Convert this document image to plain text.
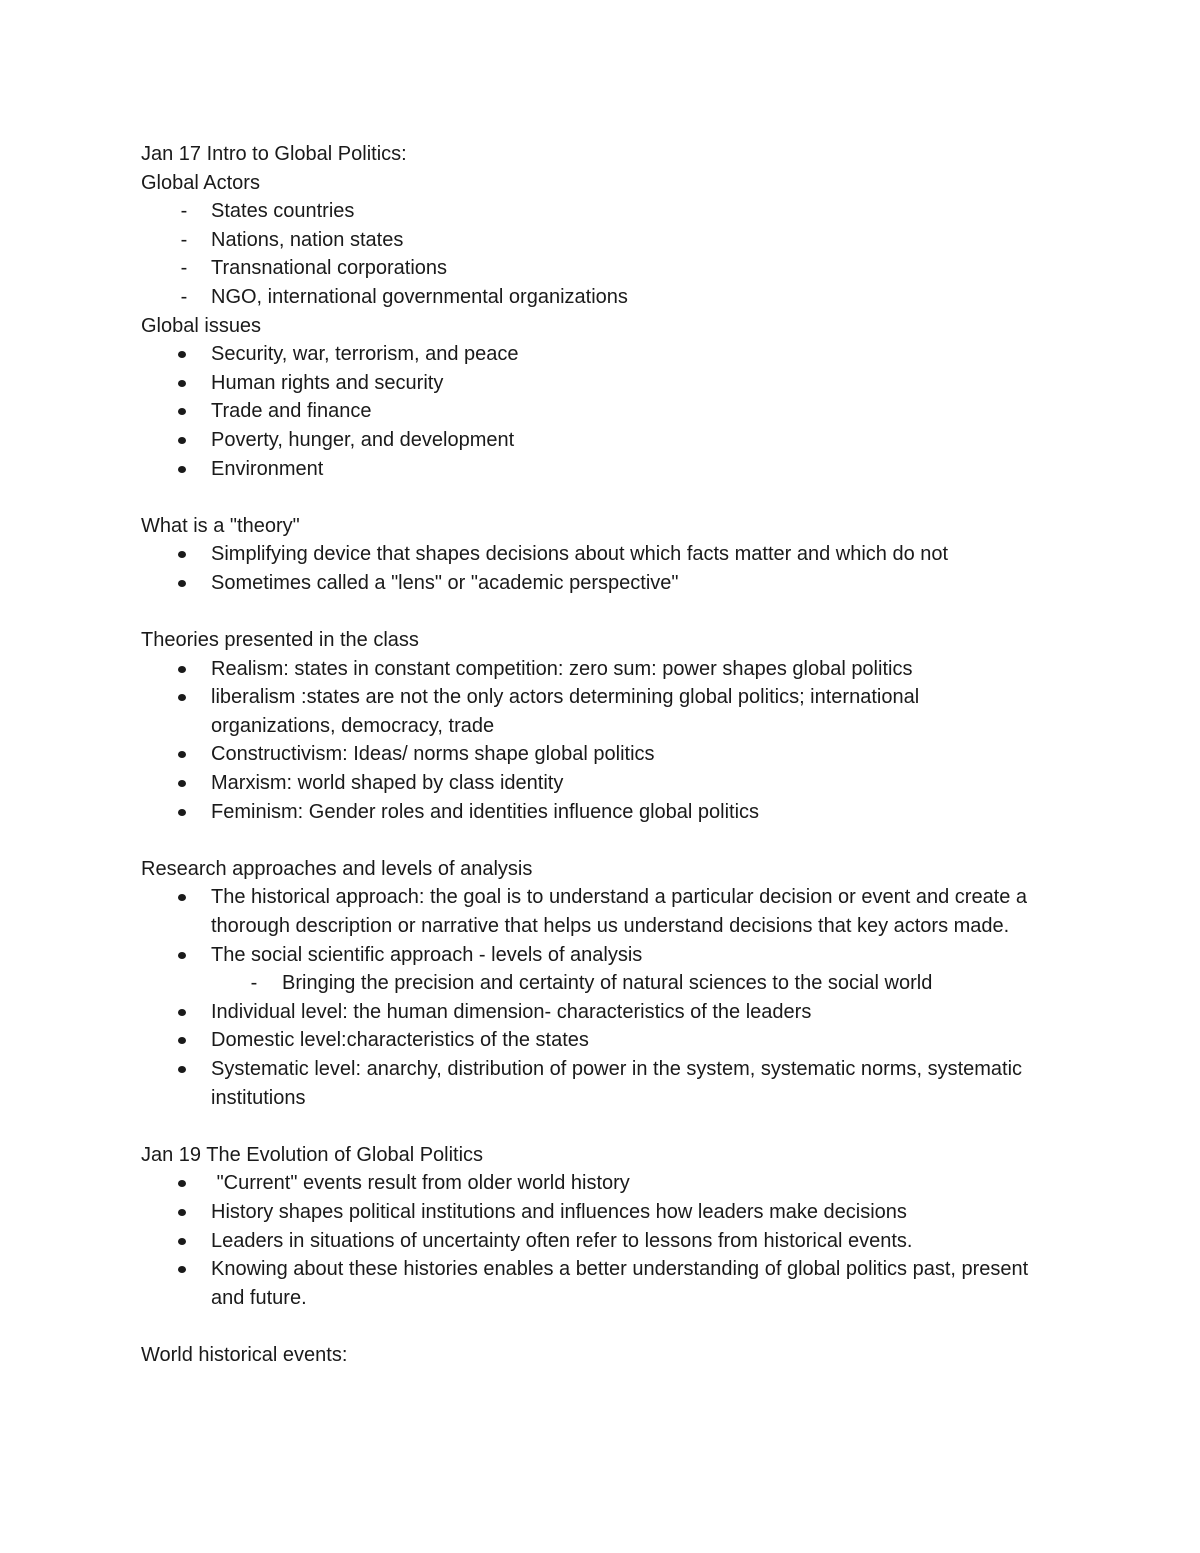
Jan 17 Intro to Global Politics:
Global Actors
- States countries
- Nations, nation states
- Transnational corporations
- NGO, international governmental organizations
Global issues
Security, war, terrorism, and peace
Human rights and security
Trade and finance
Poverty, hunger, and development
Environment
What is a "theory"
Simplifying device that shapes decisions about which facts matter and which do not
Sometimes called a "lens" or "academic perspective"
Theories presented in the class
Realism: states in constant competition: zero sum: power shapes global politics
liberalism :states are not the only actors determining global politics; international organizations, democracy, trade
Constructivism: Ideas/ norms shape global politics
Marxism: world shaped by class identity
Feminism: Gender roles and identities influence global politics
Research approaches and levels of analysis
The historical approach: the goal is to understand a particular decision or event and create a thorough description or narrative that helps us understand decisions that key actors made.
The social scientific approach - levels of analysis
- Bringing the precision and certainty of natural sciences to the social world
Individual level: the human dimension- characteristics of the leaders
Domestic level:characteristics of the states
Systematic level: anarchy, distribution of power in the system, systematic norms, systematic institutions
Jan 19 The Evolution of Global Politics
"Current" events result from older world history
History shapes political institutions and influences how leaders make decisions
Leaders in situations of uncertainty often refer to lessons from historical events.
Knowing about these histories enables a better understanding of global politics past, present and future.
World historical events:
